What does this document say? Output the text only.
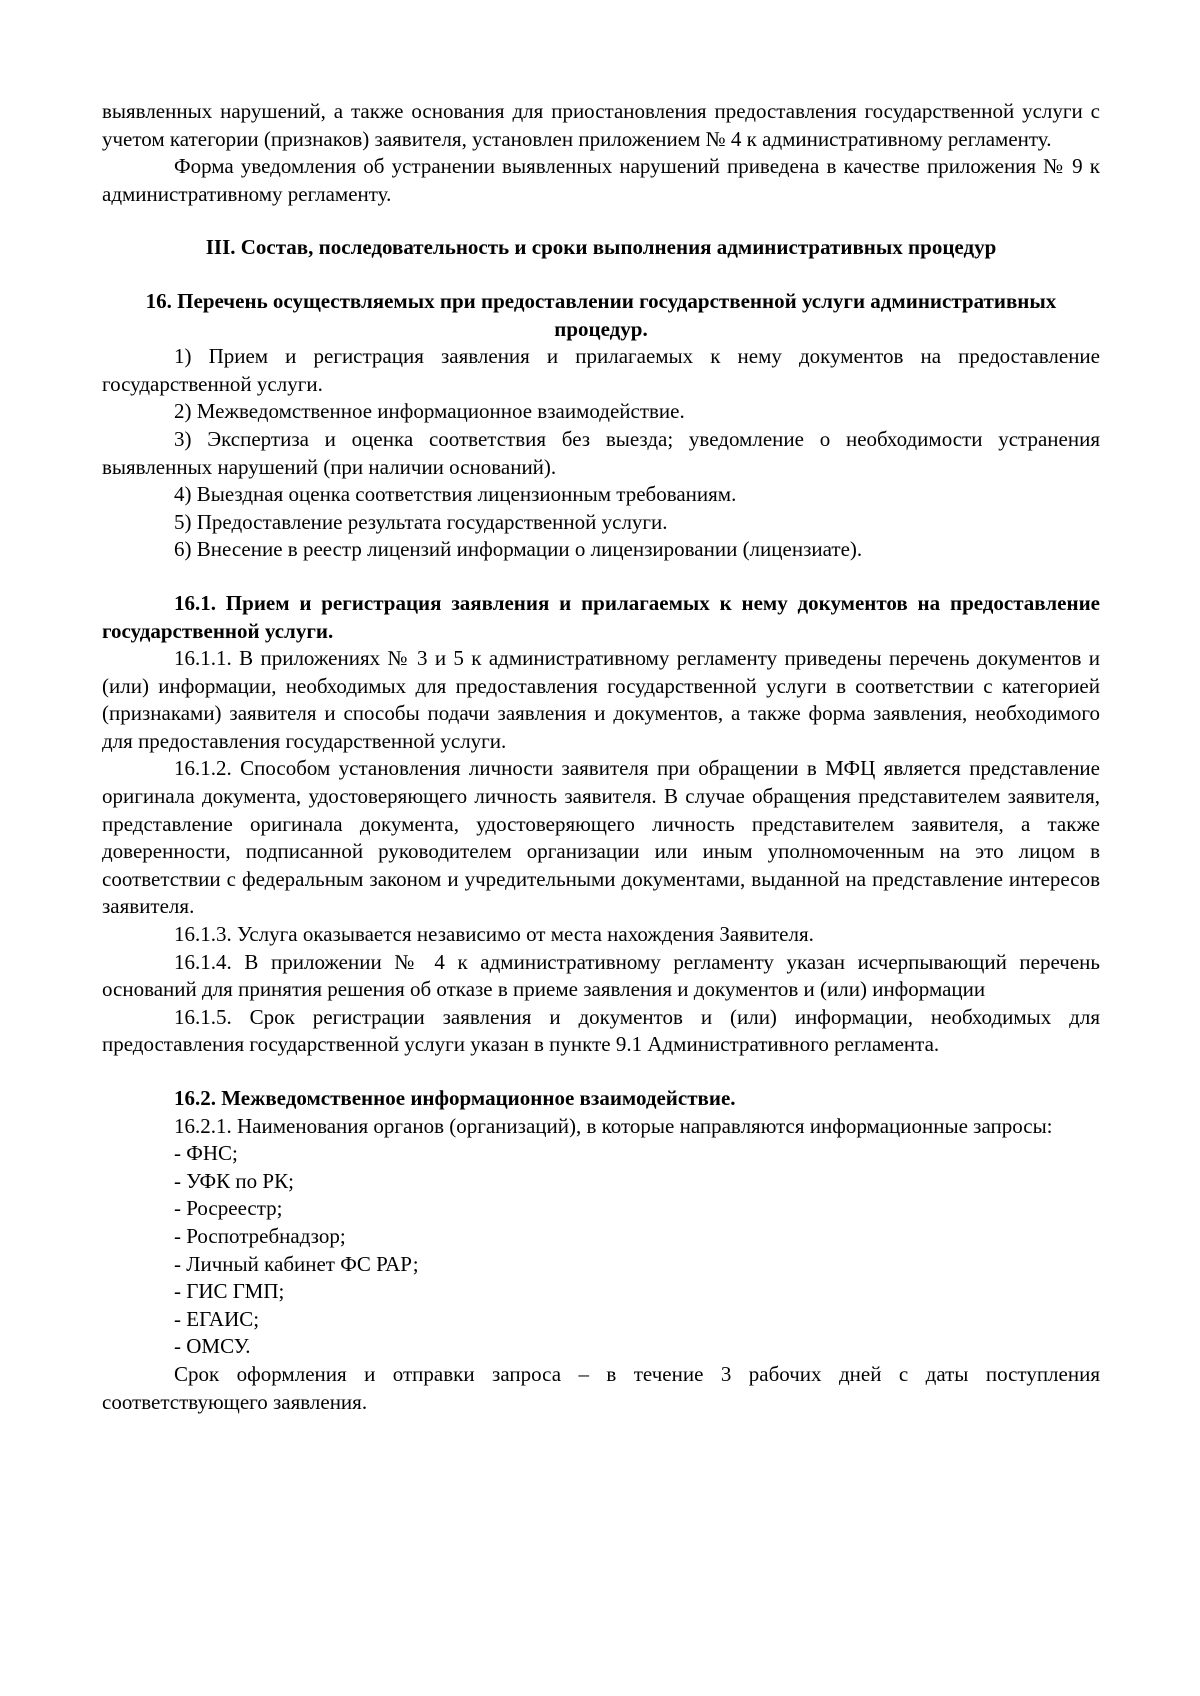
выявленных нарушений, а также основания для приостановления предоставления государственной услуги с учетом категории (признаков) заявителя, установлен приложением № 4 к административному регламенту.

Форма уведомления об устранении выявленных нарушений приведена в качестве приложения № 9 к административному регламенту.

III. Состав, последовательность и сроки выполнения административных процедур

16. Перечень осуществляемых при предоставлении государственной услуги административных процедур.

1) Прием и регистрация заявления и прилагаемых к нему документов на предоставление государственной услуги.

2) Межведомственное информационное взаимодействие.

3) Экспертиза и оценка соответствия без выезда; уведомление о необходимости устранения выявленных нарушений (при наличии оснований).

4) Выездная оценка соответствия лицензионным требованиям.

5) Предоставление результата государственной услуги.

6) Внесение в реестр лицензий информации о лицензировании (лицензиате).

16.1. Прием и регистрация заявления и прилагаемых к нему документов на предоставление государственной услуги.

16.1.1. В приложениях № 3 и 5 к административному регламенту приведены перечень документов и (или) информации, необходимых для предоставления государственной услуги в соответствии с категорией (признаками) заявителя и способы подачи заявления и документов, а также форма заявления, необходимого для предоставления государственной услуги.

16.1.2. Способом установления личности заявителя при обращении в МФЦ является представление оригинала документа, удостоверяющего личность заявителя. В случае обращения представителем заявителя, представление оригинала документа, удостоверяющего личность представителем заявителя, а также доверенности, подписанной руководителем организации или иным уполномоченным на это лицом в соответствии с федеральным законом и учредительными документами, выданной на представление интересов заявителя.

16.1.3. Услуга оказывается независимо от места нахождения Заявителя.

16.1.4. В приложении № 4 к административному регламенту указан исчерпывающий перечень оснований для принятия решения об отказе в приеме заявления и документов и (или) информации

16.1.5. Срок регистрации заявления и документов и (или) информации, необходимых для предоставления государственной услуги указан в пункте 9.1 Административного регламента.

16.2. Межведомственное информационное взаимодействие.

16.2.1. Наименования органов (организаций), в которые направляются информационные запросы:

- ФНС;

- УФК по РК;

- Росреестр;

- Роспотребнадзор;

- Личный кабинет ФС РАР;

- ГИС ГМП;

- ЕГАИС;

- ОМСУ.

Срок оформления и отправки запроса – в течение 3 рабочих дней с даты поступления соответствующего заявления.
